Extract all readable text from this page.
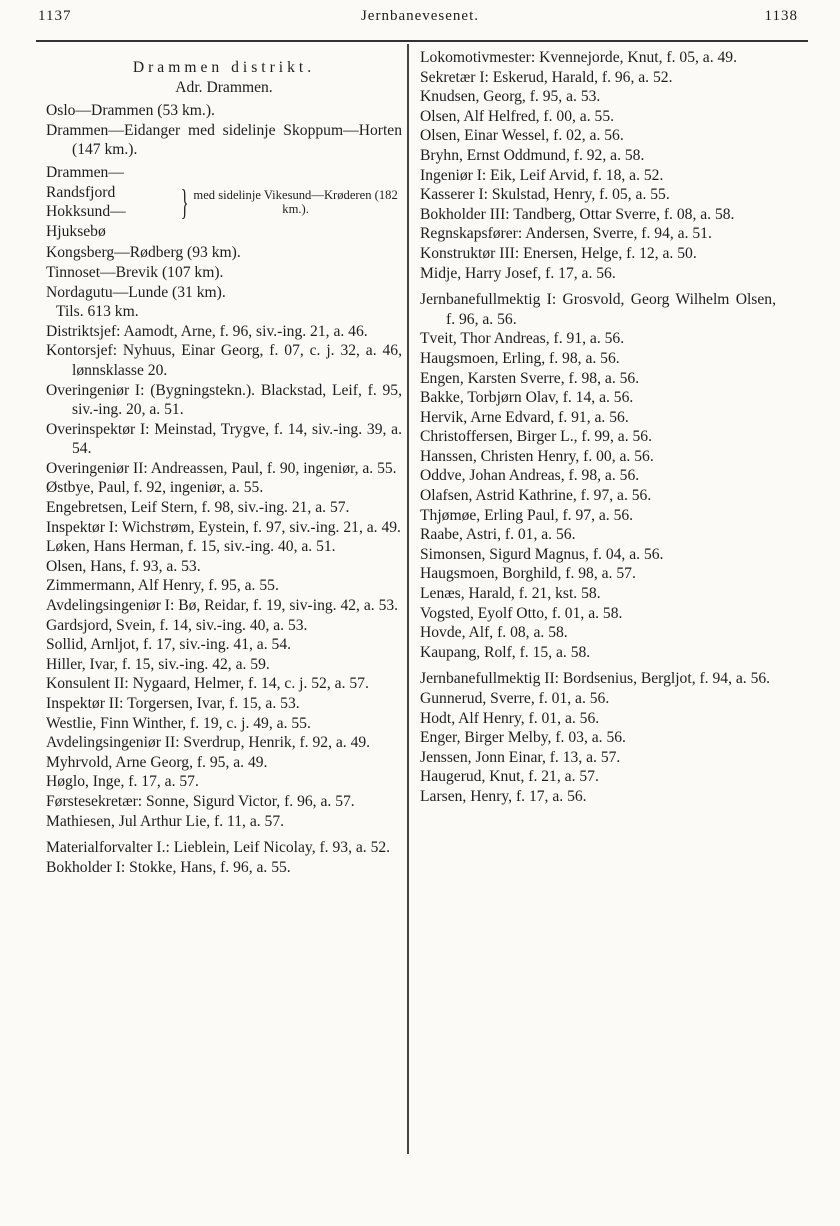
1137	Jernbanevesenet.	1138
Drammen distrikt.
Adr. Drammen.
Oslo—Drammen (53 km.).
Drammen—Eidanger med sidelinje Skoppum—Horten (147 km.).
Drammen—Randsfjord
Hokksund—Hjuksebø
} med sidelinje Vikesund—Krøderen (182 km.).
Kongsberg—Rødberg (93 km).
Tinnoset—Brevik (107 km).
Nordagutu—Lunde (31 km).
Tils. 613 km.
Distriktsjef: Aamodt, Arne, f. 96, siv.-ing. 21, a. 46.
Kontorsjef: Nyhuus, Einar Georg, f. 07, c. j. 32, a. 46, lønnsklasse 20.
Overingeniør I: (Bygningstekn.). Blackstad, Leif, f. 95, siv.-ing. 20, a. 51.
Overinspektør I: Meinstad, Trygve, f. 14, siv.-ing. 39, a. 54.
Overingeniør II: Andreassen, Paul, f. 90, ingeniør, a. 55.
Østbye, Paul, f. 92, ingeniør, a. 55.
Engebretsen, Leif Stern, f. 98, siv.-ing. 21, a. 57.
Inspektør I: Wichstrøm, Eystein, f. 97, siv.-ing. 21, a. 49.
Løken, Hans Herman, f. 15, siv.-ing. 40, a. 51.
Olsen, Hans, f. 93, a. 53.
Zimmermann, Alf Henry, f. 95, a. 55.
Avdelingsingeniør I: Bø, Reidar, f. 19, siv-ing. 42, a. 53.
Gardsjord, Svein, f. 14, siv.-ing. 40, a. 53.
Sollid, Arnljot, f. 17, siv.-ing. 41, a. 54.
Hiller, Ivar, f. 15, siv.-ing. 42, a. 59.
Konsulent II: Nygaard, Helmer, f. 14, c. j. 52, a. 57.
Inspektør II: Torgersen, Ivar, f. 15, a. 53.
Westlie, Finn Winther, f. 19, c. j. 49, a. 55.
Avdelingsingeniør II: Sverdrup, Henrik, f. 92, a. 49.
Myhrvold, Arne Georg, f. 95, a. 49.
Høglo, Inge, f. 17, a. 57.
Førstesekretær: Sonne, Sigurd Victor, f. 96, a. 57.
Mathiesen, Jul Arthur Lie, f. 11, a. 57.
Materialforvalter I.: Lieblein, Leif Nicolay, f. 93, a. 52.
Bokholder I: Stokke, Hans, f. 96, a. 55.
Lokomotivmester: Kvennejorde, Knut, f. 05, a. 49.
Sekretær I: Eskerud, Harald, f. 96, a. 52.
Knudsen, Georg, f. 95, a. 53.
Olsen, Alf Helfred, f. 00, a. 55.
Olsen, Einar Wessel, f. 02, a. 56.
Bryhn, Ernst Oddmund, f. 92, a. 58.
Ingeniør I: Eik, Leif Arvid, f. 18, a. 52.
Kasserer I: Skulstad, Henry, f. 05, a. 55.
Bokholder III: Tandberg, Ottar Sverre, f. 08, a. 58.
Regnskapsfører: Andersen, Sverre, f. 94, a. 51.
Konstruktør III: Enersen, Helge, f. 12, a. 50.
Midje, Harry Josef, f. 17, a. 56.
Jernbanefullmektig I: Grosvold, Georg Wilhelm Olsen, f. 96, a. 56.
Tveit, Thor Andreas, f. 91, a. 56.
Haugsmoen, Erling, f. 98, a. 56.
Engen, Karsten Sverre, f. 98, a. 56.
Bakke, Torbjørn Olav, f. 14, a. 56.
Hervik, Arne Edvard, f. 91, a. 56.
Christoffersen, Birger L., f. 99, a. 56.
Hanssen, Christen Henry, f. 00, a. 56.
Oddve, Johan Andreas, f. 98, a. 56.
Olafsen, Astrid Kathrine, f. 97, a. 56.
Thjømøe, Erling Paul, f. 97, a. 56.
Raabe, Astri, f. 01, a. 56.
Simonsen, Sigurd Magnus, f. 04, a. 56.
Haugsmoen, Borghild, f. 98, a. 57.
Lenæs, Harald, f. 21, kst. 58.
Vogsted, Eyolf Otto, f. 01, a. 58.
Hovde, Alf, f. 08, a. 58.
Kaupang, Rolf, f. 15, a. 58.
Jernbanefullmektig II: Bordsenius, Bergljot, f. 94, a. 56.
Gunnerud, Sverre, f. 01, a. 56.
Hodt, Alf Henry, f. 01, a. 56.
Enger, Birger Melby, f. 03, a. 56.
Jenssen, Jonn Einar, f. 13, a. 57.
Haugerud, Knut, f. 21, a. 57.
Larsen, Henry, f. 17, a. 56.
